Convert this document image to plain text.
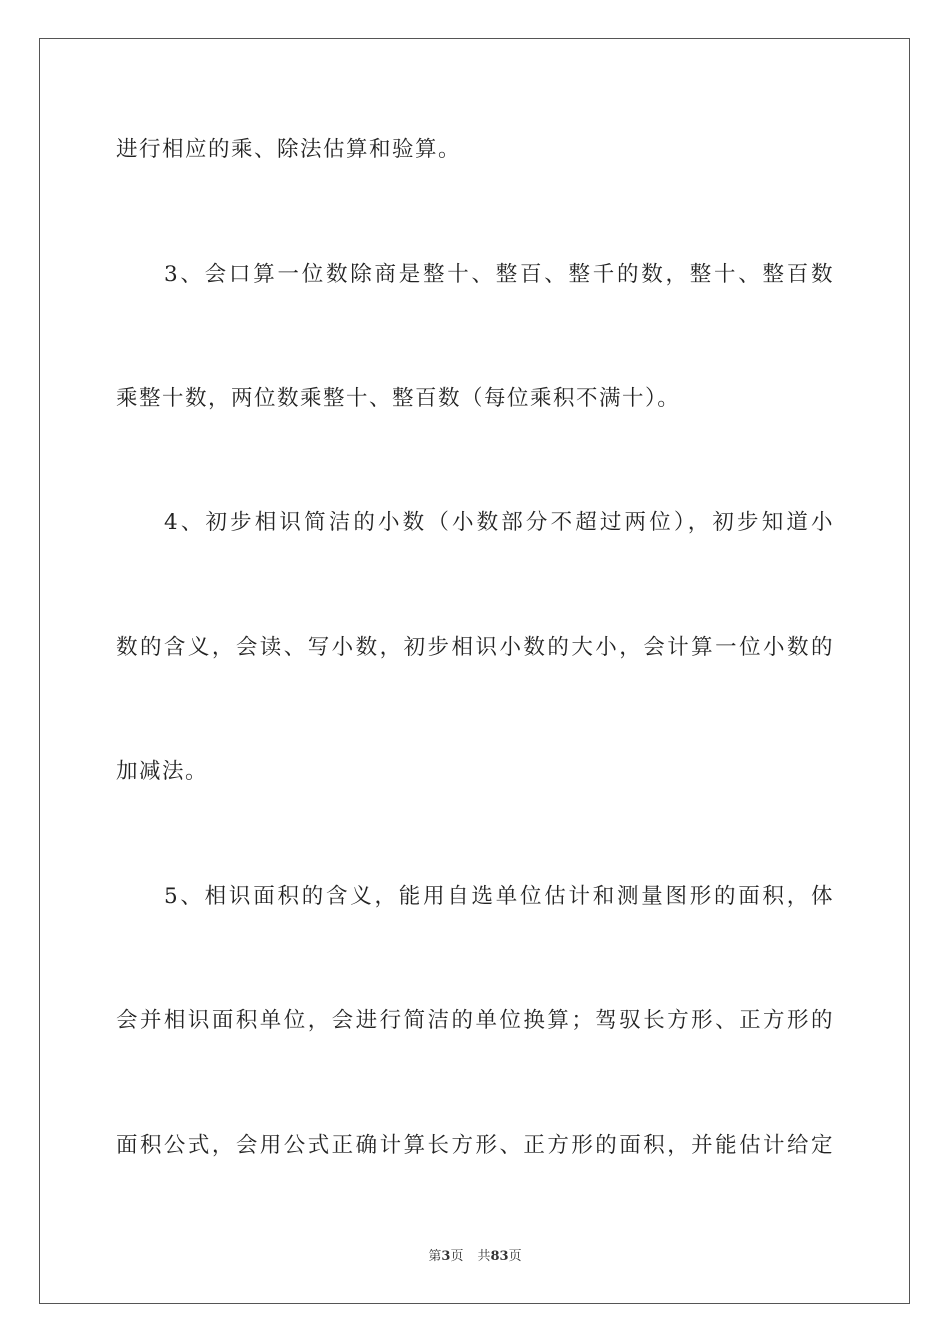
进行相应的乘、除法估算和验算。
3、会口算一位数除商是整十、整百、整千的数，整十、整百数
乘整十数，两位数乘整十、整百数（每位乘积不满十）。
4、初步相识简洁的小数（小数部分不超过两位），初步知道小
数的含义，会读、写小数，初步相识小数的大小，会计算一位小数的
加减法。
5、相识面积的含义，能用自选单位估计和测量图形的面积，体
会并相识面积单位，会进行简洁的单位换算；驾驭长方形、正方形的
面积公式，会用公式正确计算长方形、正方形的面积，并能估计给定
第3页 共83页
